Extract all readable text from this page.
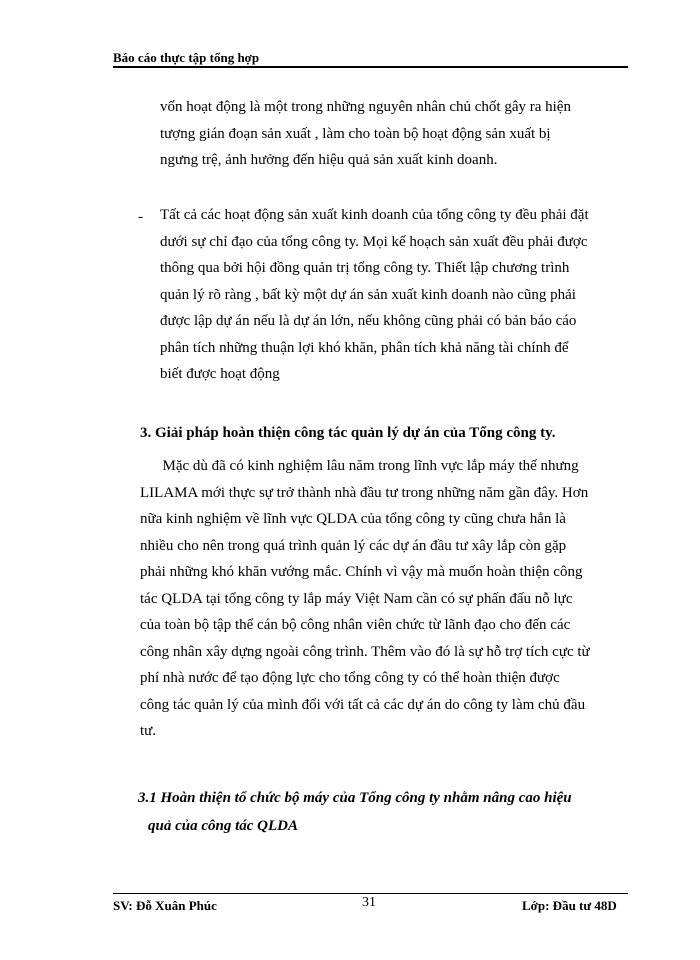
Báo cáo thực tập tổng hợp
vốn hoạt động là một trong những nguyên nhân chủ chốt gây ra hiện
tượng gián đoạn sản xuất , làm cho toàn bộ hoạt động sản xuất bị
ngưng trệ, ảnh hưởng đến hiệu quả sản xuất kinh doanh.
- Tất cả các hoạt động sản xuất kinh doanh của tổng công ty đều phải đặt
dưới sự chỉ đạo của tổng công ty. Mọi kế hoạch sản xuất đều phải được
thông qua bởi hội đồng quản trị tổng công ty. Thiết lập chương trình
quản lý rõ ràng , bất kỳ một dự án sản xuất kinh doanh nào cũng phải
được lập dự án nếu là dự án lớn, nếu không cũng phải có bản báo cáo
phân tích những thuận lợi khó khăn, phân tích khả năng tài chính để
biết được hoạt động
3. Giải pháp hoàn thiện công tác quản lý dự án của Tổng công ty.
Mặc dù đã có kinh nghiệm lâu năm trong lĩnh vực lắp máy thế nhưng
LILAMA mới thực sự trở thành nhà đầu tư trong những năm gần đây. Hơn
nữa kinh nghiệm về lĩnh vực QLDA của tổng công ty cũng chưa hẳn là
nhiều cho nên trong quá trình quản lý các dự án đầu tư xây lắp còn gặp
phải những khó khăn vướng mắc. Chính vì vậy mà muốn hoàn thiện công
tác QLDA tại tổng công ty lắp máy Việt Nam cần có sự phấn đấu nỗ lực
của toàn bộ tập thể cán bộ công nhân viên chức từ lãnh đạo cho đến các
công nhân xây dựng ngoài công trình. Thêm vào đó là sự hỗ trợ tích cực từ
phí nhà nước để tạo động lực cho tổng công ty có thể hoàn thiện được
công tác quản lý của mình đối với tất cả các dự án do công ty làm chủ đầu
tư.
3.1 Hoàn thiện tổ chức bộ máy của Tổng công ty nhằm nâng cao hiệu
quả của công tác QLDA
SV: Đỗ Xuân Phúc	31	Lớp: Đầu tư 48D
